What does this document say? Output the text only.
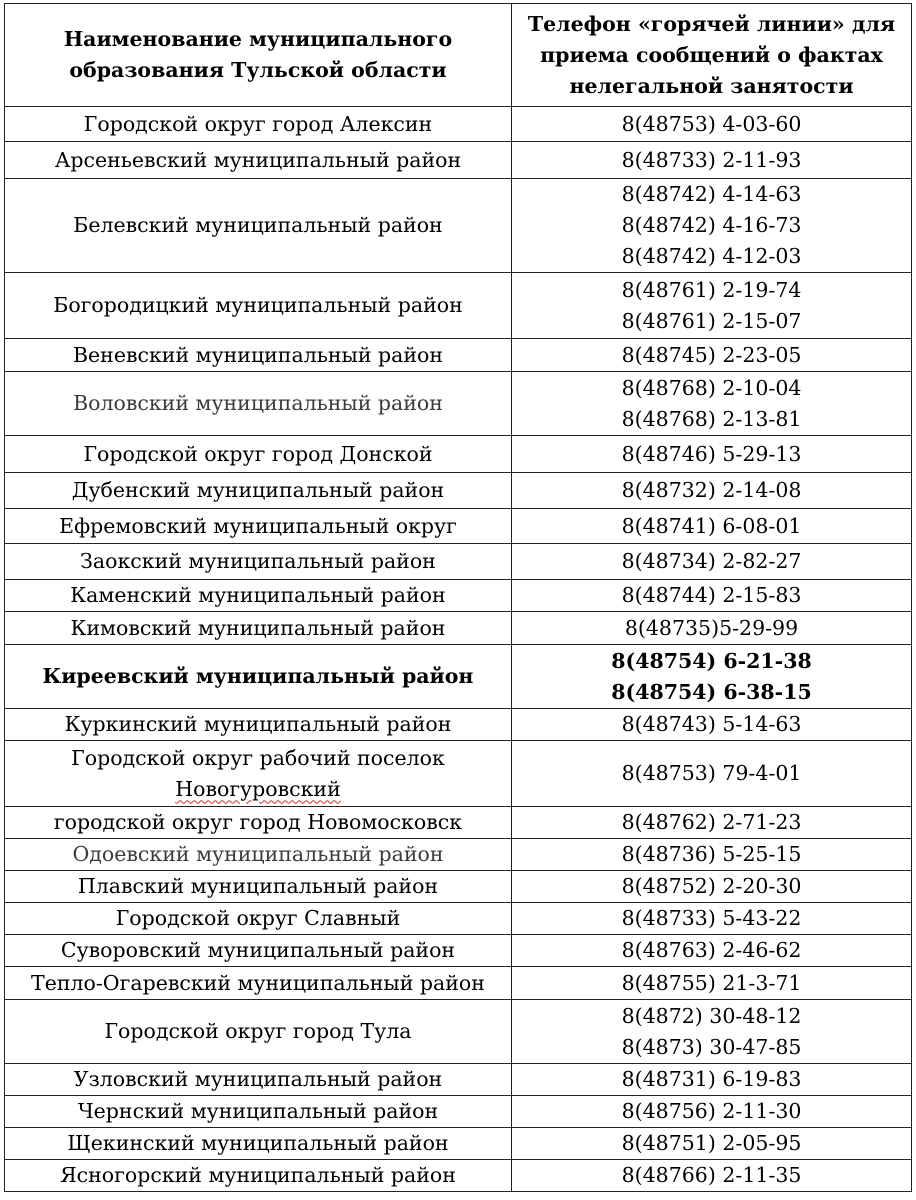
Наименование муниципального образования Тульской области	Телефон «горячей линии» для приема сообщений о фактах нелегальной занятости
Городской округ город Алексин	8(48753) 4-03-60

Арсеньевский муниципальный район	8(48733) 2-11-93

Белевский муниципальный район	8(48742) 4-14-63
8(48742) 4-16-73
8(48742) 4-12-03

Богородицкий муниципальный район	8(48761) 2-19-74
8(48761) 2-15-07

Веневский муниципальный район	8(48745) 2-23-05

Воловский муниципальный район	8(48768) 2-10-04
8(48768) 2-13-81

Городской округ город Донской	8(48746) 5-29-13

Дубенский муниципальный район	8(48732) 2-14-08

Ефремовский муниципальный округ	8(48741) 6-08-01

Заокский муниципальный район	8(48734) 2-82-27

Каменский муниципальный район	8(48744) 2-15-83

Кимовский муниципальный район	8(48735)5-29-99

Киреевский муниципальный район	8(48754) 6-21-38
8(48754) 6-38-15

Куркинский муниципальный район	8(48743) 5-14-63

Городской округ рабочий поселок
Новогуровский	8(48753) 79-4-01

городской округ город Новомосковск	8(48762) 2-71-23

Одоевский муниципальный район	8(48736) 5-25-15

Плавский муниципальный район	8(48752) 2-20-30

Городской округ Славный	8(48733) 5-43-22

Суворовский муниципальный район	8(48763) 2-46-62

Тепло-Огаревский муниципальный район	8(48755) 21-3-71

Городской округ город Тула	8(4872) 30-48-12
8(4873) 30-47-85

Узловский муниципальный район	8(48731) 6-19-83

Чернский муниципальный район	8(48756) 2-11-30

Щекинский муниципальный район	8(48751) 2-05-95

Ясногорский муниципальный район	8(48766) 2-11-35
